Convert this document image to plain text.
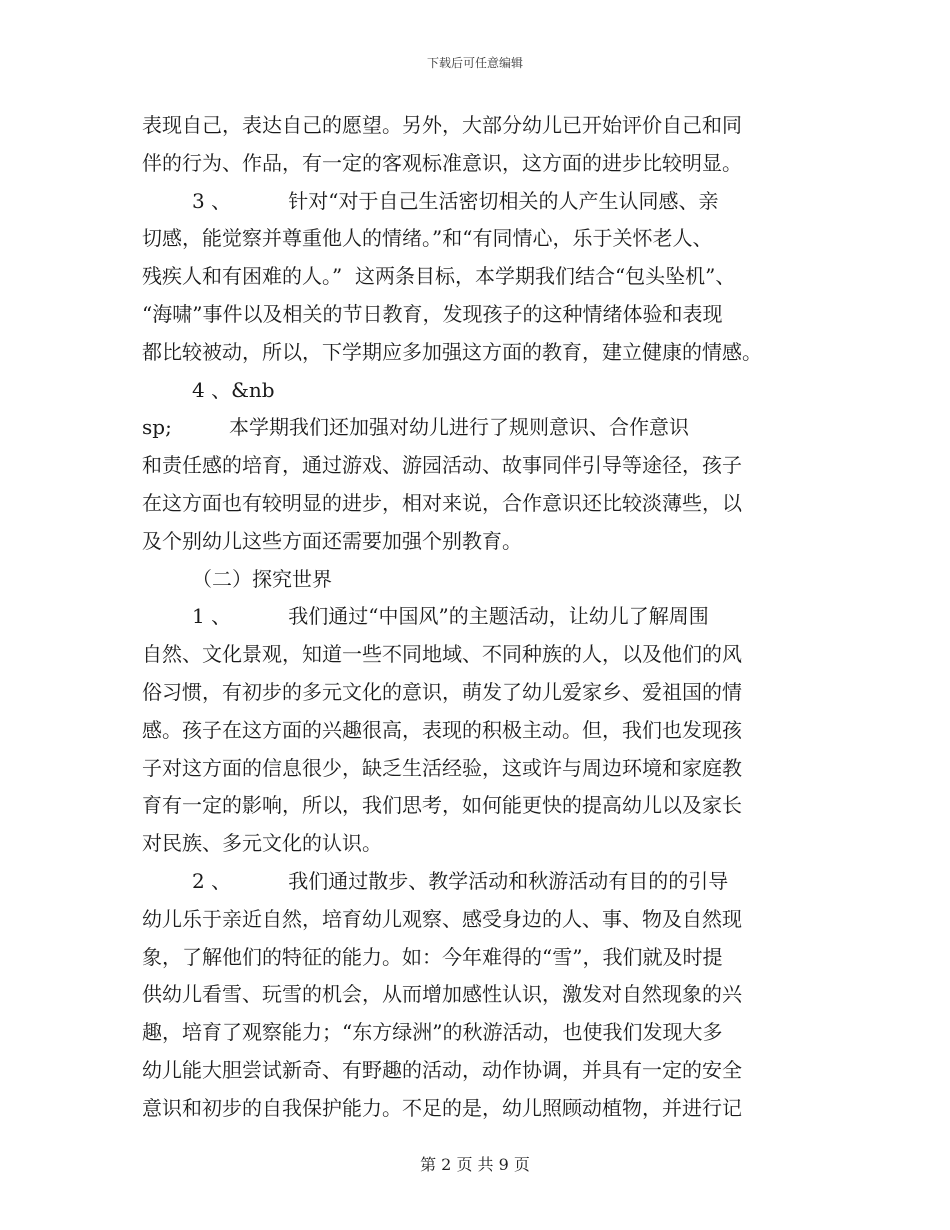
下载后可任意编辑
表现自己，表达自己的愿望。另外，大部分幼儿已开始评价自己和同
伴的行为、作品，有一定的客观标准意识，这方面的进步比较明显。
3 、         针对“对于自己生活密切相关的人产生认同感、亲
切感，能觉察并尊重他人的情绪。”和“有同情心，乐于关怀老人、
残疾人和有困难的人。”  这两条目标，本学期我们结合“包头坠机”、
“海啸”事件以及相关的节日教育，发现孩子的这种情绪体验和表现
都比较被动，所以，下学期应多加强这方面的教育，建立健康的情感。
4 、&nb
sp;         本学期我们还加强对幼儿进行了规则意识、合作意识
和责任感的培育，通过游戏、游园活动、故事同伴引导等途径，孩子
在这方面也有较明显的进步，相对来说，合作意识还比较淡薄些，以
及个别幼儿这些方面还需要加强个别教育。
（二）探究世界
1 、         我们通过“中国风”的主题活动，让幼儿了解周围
自然、文化景观，知道一些不同地域、不同种族的人，以及他们的风
俗习惯，有初步的多元文化的意识，萌发了幼儿爱家乡、爱祖国的情
感。孩子在这方面的兴趣很高，表现的积极主动。但，我们也发现孩
子对这方面的信息很少，缺乏生活经验，这或许与周边环境和家庭教
育有一定的影响，所以，我们思考，如何能更快的提高幼儿以及家长
对民族、多元文化的认识。
2 、         我们通过散步、教学活动和秋游活动有目的的引导
幼儿乐于亲近自然，培育幼儿观察、感受身边的人、事、物及自然现
象，了解他们的特征的能力。如：今年难得的“雪”，我们就及时提
供幼儿看雪、玩雪的机会，从而增加感性认识，激发对自然现象的兴
趣，培育了观察能力；“东方绿洲”的秋游活动，也使我们发现大多
幼儿能大胆尝试新奇、有野趣的活动，动作协调，并具有一定的安全
意识和初步的自我保护能力。不足的是，幼儿照顾动植物，并进行记
第 2 页 共 9 页
